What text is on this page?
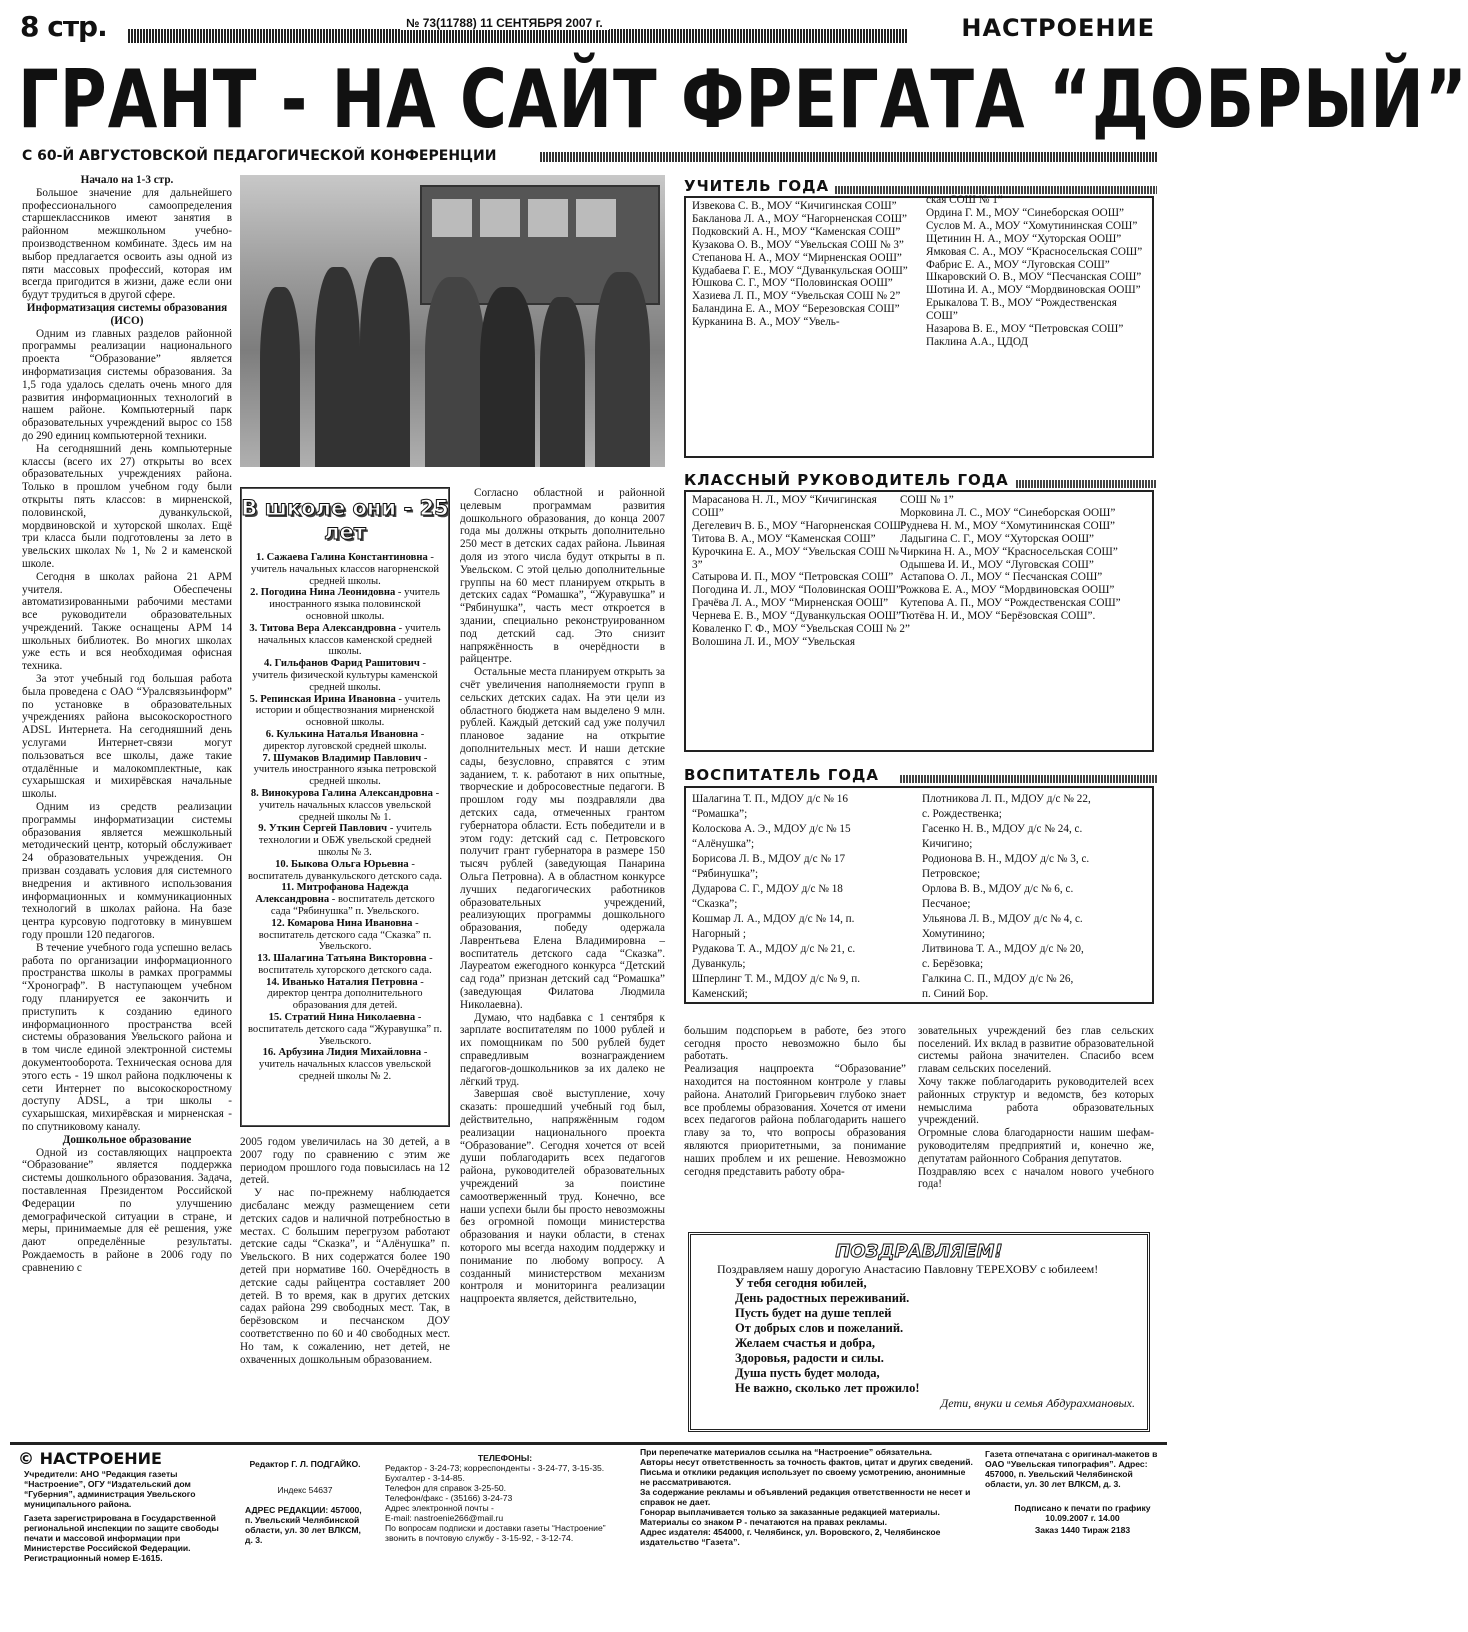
8 стр.	№ 73(11788) 11 СЕНТЯБРЯ 2007 г.	НАСТРОЕНИЕ
ГРАНТ - НА САЙТ ФРЕГАТА “ДОБРЫЙ”
С 60-Й АВГУСТОВСКОЙ ПЕДАГОГИЧЕСКОЙ КОНФЕРЕНЦИИ
Начало на 1-3 стр.

Большое значение для дальнейшего профессионального самоопределения старшеклассников имеют занятия в районном межшкольном учебно-производственном комбинате. Здесь им на выбор предлагается освоить азы одной из пяти массовых профессий, которая им всегда пригодится в жизни, даже если они будут трудиться в другой сфере.

Информатизация системы образования (ИСО)

Одним из главных разделов районной программы реализации национального проекта “Образование” является информатизация системы образования. За 1,5 года удалось сделать очень много для развития информационных технологий в нашем районе. Компьютерный парк образовательных учреждений вырос со 158 до 290 единиц компьютерной техники.

На сегодняшний день компьютерные классы (всего их 27) открыты во всех образовательных учреждениях района. Только в прошлом учебном году были открыты пять классов: в мирненской, половинской, дуванкульской, мордвиновской и хуторской школах. Ещё три класса были подготовлены за лето в увельских школах № 1, № 2 и каменской школе.

Сегодня в школах района 21 АРМ учителя. Обеспечены автоматизированными рабочими местами все руководители образовательных учреждений. Также оснащены АРМ 14 школьных библиотек. Во многих школах уже есть и вся необходимая офисная техника.

За этот учебный год большая работа была проведена с ОАО “Уралсвязьинформ” по установке в образовательных учреждениях района высокоскоростного ADSL Интернета. На сегодняшний день услугами Интернет-связи могут пользоваться все школы, даже такие отдалённые и малокомплектные, как сухарышская и михирёвская начальные школы.

Одним из средств реализации программы информатизации системы образования является межшкольный методический центр, который обслуживает 24 образовательных учреждения. Он призван создавать условия для системного внедрения и активного использования информационных и коммуникационных технологий в школах района. На базе центра курсовую подготовку в минувшем году прошли 120 педагогов.

В течение учебного года успешно велась работа по организации информационного пространства школы в рамках программы “Хронограф”. В наступающем учебном году планируется ее закончить и приступить к созданию единого информационного пространства всей системы образования Увельского района и в том числе единой электронной системы документооборота. Техническая основа для этого есть - 19 школ района подключены к сети Интернет по высокоскоростному доступу ADSL, а три школы - сухарышская, михирёвская и мирненская - по спутниковому каналу.

Дошкольное образование

Одной из составляющих нацпроекта “Образование” является поддержка системы дошкольного образования. Задача, поставленная Президентом Российской Федерации по улучшению демографической ситуации в стране, и меры, принимаемые для её решения, уже дают определённые результаты. Рождаемость в районе в 2006 году по сравнению с

В школе они - 25 лет
1. Сажаева Галина Константиновна - учитель начальных классов нагорненской средней школы.
2. Погодина Нина Леонидовна - учитель иностранного языка половинской основной школы.
3. Титова Вера Александровна - учитель начальных классов каменской средней школы.
4. Гильфанов Фарид Рашитович - учитель физической культуры каменской средней школы.
5. Репинская Ирина Ивановна - учитель истории и обществознания мирненской основной школы.
6. Кулькина Наталья Ивановна - директор луговской средней школы.
7. Шумаков Владимир Павлович - учитель иностранного языка петровской средней школы.
8. Винокурова Галина Александровна - учитель начальных классов увельской средней школы № 1.
9. Уткин Сергей Павлович - учитель технологии и ОБЖ увельской средней школы № 3.
10. Быкова Ольга Юрьевна - воспитатель дуванкульского детского сада.
11. Митрофанова Надежда Александровна - воспитатель детского сада “Рябинушка” п. Увельского.
12. Комарова Нина Ивановна - воспитатель детского сада “Сказка” п. Увельского.
13. Шалагина Татьяна Викторовна - воспитатель хуторского детского сада.
14. Иванько Наталия Петровна - директор центра дополнительного образования для детей.
15. Стратий Нина Николаевна - воспитатель детского сада “Журавушка” п. Увельского.
16. Арбузина Лидия Михайловна - учитель начальных классов увельской средней школы № 2.

2005 годом увеличилась на 30 детей, а в 2007 году по сравнению с этим же периодом прошлого года повысилась на 12 детей.

У нас по-прежнему наблюдается дисбаланс между размещением сети детских садов и наличной потребностью в местах. С большим перегрузом работают детские сады “Сказка”, и “Алёнушка” п. Увельского. В них содержатся более 190 детей при нормативе 160. Очерёдность в детские сады райцентра составляет 200 детей. В то время, как в других детских садах района 299 свободных мест. Так, в берёзовском и песчанском ДОУ соответственно по 60 и 40 свободных мест. Но там, к сожалению, нет детей, не охваченных дошкольным образованием.

Согласно областной и районной целевым программам развития дошкольного образования, до конца 2007 года мы должны открыть дополнительно 250 мест в детских садах района. Львиная доля из этого числа будут открыты в п. Увельском. С этой целью дополнительные группы на 60 мест планируем открыть в детских садах “Ромашка”, “Журавушка” и “Рябинушка”, часть мест откроется в здании, специально реконструированном под детский сад. Это снизит напряжённость в очерёдности в райцентре.

Остальные места планируем открыть за счёт увеличения наполняемости групп в сельских детских садах. На эти цели из областного бюджета нам выделено 9 млн. рублей. Каждый детский сад уже получил плановое задание на открытие дополнительных мест. И наши детские сады, безусловно, справятся с этим заданием, т. к. работают в них опытные, творческие и добросовестные педагоги. В прошлом году мы поздравляли два детских сада, отмеченных грантом губернатора области. Есть победители и в этом году: детский сад с. Петровского получит грант губернатора в размере 150 тысяч рублей (заведующая Панарина Ольга Петровна). А в областном конкурсе лучших педагогических работников образовательных учреждений, реализующих программы дошкольного образования, победу одержала Лаврентьева Елена Владимировна – воспитатель детского сада “Сказка”. Лауреатом ежегодного конкурса “Детский сад года” признан детский сад “Ромашка” (заведующая Филатова Людмила Николаевна).

Думаю, что надбавка с 1 сентября к зарплате воспитателям по 1000 рублей и их помощникам по 500 рублей будет справедливым вознаграждением педагогов-дошкольников за их далеко не лёгкий труд.

Завершая своё выступление, хочу сказать: прошедший учебный год был, действительно, напряжённым годом реализации национального проекта “Образование”. Сегодня хочется от всей души поблагодарить всех педагогов района, руководителей образовательных учреждений за поистине самоотверженный труд. Конечно, все наши успехи были бы просто невозможны без огромной помощи министерства образования и науки области, в стенах которого мы всегда находим поддержку и понимание по любому вопросу. А созданный министерством механизм контроля и мониторинга реализации нацпроекта является, действительно,

УЧИТЕЛЬ ГОДА
Извекова С. В., МОУ “Кичигинская СОШ”
Бакланова Л. А., МОУ “Нагорненская СОШ”
Подковский А. Н., МОУ “Каменская СОШ”
Кузакова О. В., МОУ “Увельская СОШ № 3”
Степанова Н. А., МОУ “Мирненская ООШ”
Кудабаева Г. Е., МОУ “Дуванкульская ООШ”
Юшкова С. Г., МОУ “Половинская ООШ”
Хазиева Л. П., МОУ “Увельская СОШ № 2”
Баландина Е. А., МОУ “Березовская СОШ”
Курканина В. А., МОУ “Увель-
ская СОШ № 1”
Ордина Г. М., МОУ “Синеборская ООШ”
Суслов М. А., МОУ “Хомутининская СОШ”
Щетинин Н. А., МОУ “Хуторская ООШ”
Ямковая С. А., МОУ “Красносельская СОШ”
Фабрис Е. А., МОУ “Луговская СОШ”
Шкаровский О. В., МОУ “Песчанская СОШ”
Шотина И. А., МОУ “Мордвиновская ООШ”
Ерыкалова Т. В., МОУ “Рождественская СОШ”
Назарова В. Е., МОУ “Петровская СОШ”
Паклина А.А., ЦДОД
КЛАССНЫЙ РУКОВОДИТЕЛЬ ГОДА
Марасанова Н. Л., МОУ “Кичигинская СОШ”
Дегелевич В. Б., МОУ “Нагорненская СОШ”
Титова В. А., МОУ “Каменская СОШ”
Курочкина Е. А., МОУ “Увельская СОШ № 3”
Сатырова И. П., МОУ “Петровская СОШ”
Погодина И. Л., МОУ “Половинская ООШ”
Грачёва Л. А., МОУ “Мирненская ООШ”
Чернева Е. В., МОУ “Дуванкульская ООШ”
Коваленко Г. Ф., МОУ “Увельская СОШ № 2”
Волошина Л. И., МОУ “Увельская
СОШ № 1”
Морковина Л. С., МОУ “Синеборская ООШ”
Руднева Н. М., МОУ “Хомутининская СОШ”
Ладыгина С. Г., МОУ “Хуторская ООШ”
Чиркина Н. А., МОУ “Красносельская СОШ”
Одышева И. И., МОУ “Луговская СОШ”
Астапова О. Л., МОУ “ Песчанская СОШ”
Рожкова Е. А., МОУ “Мордвиновская ООШ”
Кутепова А. П., МОУ “Рождественская СОШ”
Тютёва Н. И., МОУ “Берёзовская СОШ”.
ВОСПИТАТЕЛЬ ГОДА
Шалагина Т. П., МДОУ д/с № 16
“Ромашка”;
Колоскова А. Э., МДОУ д/с № 15
“Алёнушка”;
Борисова Л. В., МДОУ д/с № 17
“Рябинушка”;
Дударова С. Г., МДОУ д/с № 18
“Сказка”;
Кошмар Л. А., МДОУ д/с № 14, п.
Нагорный ;
Рудакова Т. А., МДОУ д/с № 21, с.
Дуванкуль;
Шперлинг Т. М., МДОУ д/с № 9, п.
Каменский;
Плотникова Л. П., МДОУ д/с № 22,
с. Рождественка;
Гасенко Н. В., МДОУ д/с № 24, с.
Кичигино;
Родионова В. Н., МДОУ д/с № 3, с.
Петровское;
Орлова В. В., МДОУ д/с № 6, с.
Песчаное;
Ульянова Л. В., МДОУ д/с № 4, с.
Хомутинино;
Литвинова Т. А., МДОУ д/с № 20,
с. Берёзовка;
Галкина С. П., МДОУ д/с № 26,
п. Синий Бор.

большим подспорьем в работе, без этого сегодня просто невозможно было бы работать.
Реализация нацпроекта “Образование” находится на постоянном контроле у главы района. Анатолий Григорьевич глубоко знает все проблемы образования. Хочется от имени всех педагогов района поблагодарить нашего главу за то, что вопросы образования являются приоритетными, за понимание наших проблем и их решение. Невозможно сегодня представить работу обра-

зовательных учреждений без глав сельских поселений. Их вклад в развитие образовательной системы района значителен. Спасибо всем главам сельских поселений.
Хочу также поблагодарить руководителей всех районных структур и ведомств, без которых немыслима работа образовательных учреждений.
Огромные слова благодарности нашим шефам-руководителям предприятий и, конечно же, депутатам районного Собрания депутатов.
Поздравляю всех с началом нового учебного года!

ПОЗДРАВЛЯЕМ!
Поздравляем нашу дорогую Анастасию Павловну ТЕРЕХОВУ с юбилеем!
У тебя сегодня юбилей,
День радостных переживаний.
Пусть будет на душе теплей
От добрых слов и пожеланий.
Желаем счастья и добра,
Здоровья, радости и силы.
Душа пусть будет молода,
Не важно, сколько лет прожило!
Дети, внуки и семья Абдурахмановых.
© НАСТРОЕНИЕ
Учредители: АНО “Редакция газеты “Настроение”, ОГУ “Издательский дом “Губерния”, администрация Увельского муниципального района.
Газета зарегистрирована в Государственной региональной инспекции по защите свободы печати и массовой информации при Министерстве Российской Федерации. Регистрационный номер Е-1615.
Редактор Г. Л. ПОДГАЙКО.
Индекс 54637
АДРЕС РЕДАКЦИИ: 457000, п. Увельский Челябинской области, ул. 30 лет ВЛКСМ, д. 3.
ТЕЛЕФОНЫ:
Редактор - 3-24-73; корреспонденты - 3-24-77, 3-15-35.
Бухгалтер - 3-14-85.
Телефон для справок 3-25-50.
Телефон/факс - (35166) 3-24-73
Адрес электронной почты -
E-mail: nastroenie266@mail.ru
По вопросам подписки и доставки газеты “Настроение” звонить в почтовую службу - 3-15-92, - 3-12-74.
При перепечатке материалов ссылка на “Настроение” обязательна.
Авторы несут ответственность за точность фактов, цитат и других сведений.
Письма и отклики редакция использует по своему усмотрению, анонимные не рассматриваются.
За содержание рекламы и объявлений редакция ответственности не несет и справок не дает.
Гонорар выплачивается только за заказанные редакцией материалы.
Материалы со знаком Р - печатаются на правах рекламы.
Адрес издателя: 454000, г. Челябинск, ул. Воровского, 2, Челябинское издательство “Газета”.
Газета отпечатана с оригинал-макетов в ОАО “Увельская типография”. Адрес: 457000, п. Увельский Челябинской области, ул. 30 лет ВЛКСМ, д. 3.
Подписано к печати по графику 10.09.2007 г. 14.00
Заказ 1440 Тираж 2183
